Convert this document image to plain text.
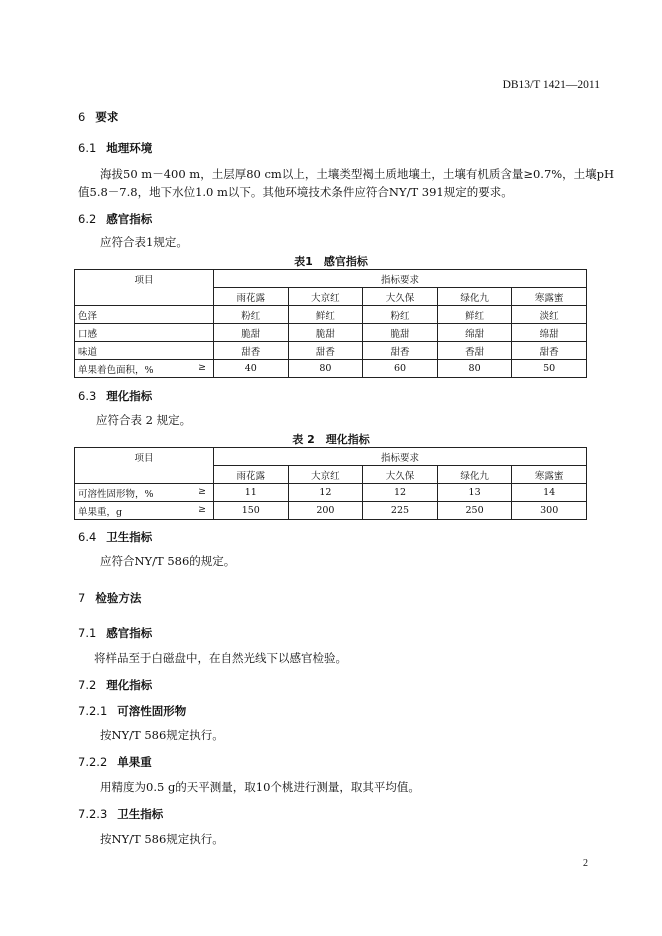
DB13/T 1421—2011
6 要求
6.1 地理环境
海拔50 m－400 m，土层厚80 cm以上，土壤类型褐土质地壤土，土壤有机质含量≥0.7%，土壤pH
值5.8－7.8，地下水位1.0 m以下。其他环境技术条件应符合NY/T 391规定的要求。
6.2 感官指标
应符合表1规定。
表1　感官指标
项目	指标要求				
	雨花露	大京红	大久保	绿化九	寒露蜜
色泽	粉红	鲜红	粉红	鲜红	淡红
口感	脆甜	脆甜	脆甜	绵甜	绵甜
味道	甜香	甜香	甜香	香甜	甜香
单果着色面积，% ≥	40	80	60	80	50
6.3 理化指标
应符合表 2 规定。
表 2　理化指标
项目	指标要求				
	雨花露	大京红	大久保	绿化九	寒露蜜
可溶性固形物，% ≥	11	12	12	13	14
单果重，g ≥	150	200	225	250	300
6.4 卫生指标
应符合NY/T 586的规定。
7 检验方法
7.1 感官指标
将样品至于白磁盘中，在自然光线下以感官检验。
7.2 理化指标
7.2.1 可溶性固形物
按NY/T 586规定执行。
7.2.2 单果重
用精度为0.5 g的天平测量，取10个桃进行测量，取其平均值。
7.2.3 卫生指标
按NY/T 586规定执行。
2
